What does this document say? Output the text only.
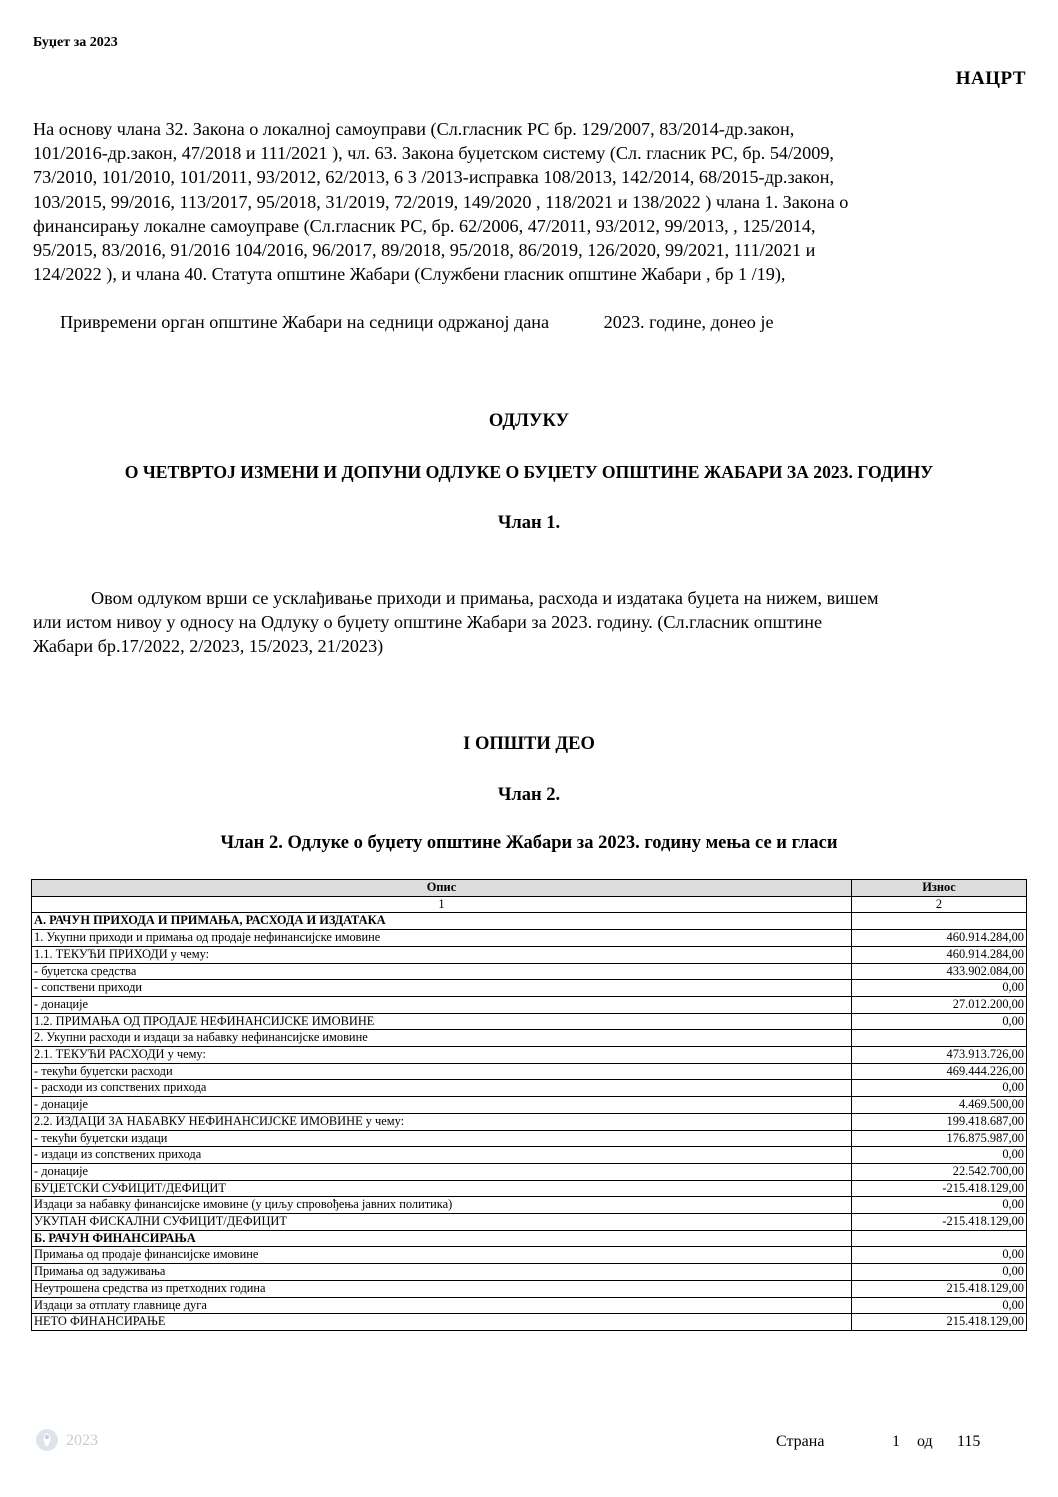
Буџет за 2023
НАЦРТ
На основу члана 32. Закона о локалној самоуправи (Сл.гласник РС бр. 129/2007, 83/2014-др.закон,
101/2016-др.закон, 47/2018 и 111/2021 ), чл. 63. Закона буџетском систему (Сл. гласник РС, бр. 54/2009,
73/2010, 101/2010, 101/2011, 93/2012, 62/2013, 6 3 /2013-исправка 108/2013, 142/2014, 68/2015-др.закон,
103/2015, 99/2016, 113/2017, 95/2018, 31/2019, 72/2019, 149/2020 , 118/2021 и 138/2022 ) члана 1. Закона о
финансирању локалне самоуправе (Сл.гласник РС, бр. 62/2006, 47/2011, 93/2012, 99/2013, , 125/2014,
95/2015, 83/2016, 91/2016 104/2016, 96/2017, 89/2018, 95/2018, 86/2019, 126/2020, 99/2021, 111/2021 и
124/2022 ), и члана 40. Статута општине Жабари (Службени гласник општине Жабари , бр 1 /19),
Привремени орган општине Жабари на седници одржаној дана            2023. године, донео је
ОДЛУКУ
О ЧЕТВРТОЈ ИЗМЕНИ И ДОПУНИ ОДЛУКЕ О БУЏЕТУ ОПШТИНЕ ЖАБАРИ ЗА 2023. ГОДИНУ
Члан 1.
Овом одлуком врши се усклађивање приходи и примања, расхода и издатака буџета на нижем, вишем
или истом нивоу у односу на Одлуку о буџету општине Жабари за 2023. годину. (Сл.гласник општине
Жабари бр.17/2022, 2/2023, 15/2023, 21/2023)
I ОПШТИ ДЕО
Члан 2.
Члан 2. Одлуке о буџету општине Жабари за 2023. годину мења се и гласи
Опис	Износ
1	2
А. РАЧУН ПРИХОДА И ПРИМАЊА, РАСХОДА И ИЗДАТАКА	
1. Укупни приходи и примања од продаје нефинансијске имовине	460.914.284,00
1.1. ТЕКУЋИ ПРИХОДИ у чему:	460.914.284,00
- буџетска средства	433.902.084,00
- сопствени приходи	0,00
- донације	27.012.200,00
1.2. ПРИМАЊА ОД ПРОДАЈЕ НЕФИНАНСИЈСКЕ ИМОВИНЕ	0,00
2. Укупни расходи и издаци за набавку нефинансијске имовине	
2.1. ТЕКУЋИ РАСХОДИ у чему:	473.913.726,00
- текући буџетски расходи	469.444.226,00
- расходи из сопствених прихода	0,00
- донације	4.469.500,00
2.2. ИЗДАЦИ ЗА НАБАВКУ НЕФИНАНСИЈСКЕ ИМОВИНЕ у чему:	199.418.687,00
- текући буџетски издаци	176.875.987,00
- издаци из сопствених прихода	0,00
- донације	22.542.700,00
БУЏЕТСКИ СУФИЦИТ/ДЕФИЦИТ	-215.418.129,00
Издаци за набавку финансијске имовине (у циљу спровођења јавних политика)	0,00
УКУПАН ФИСКАЛНИ СУФИЦИТ/ДЕФИЦИТ	-215.418.129,00
Б. РАЧУН ФИНАНСИРАЊА	
Примања од продаје финансијске имовине	0,00
Примања од задуживања	0,00
Неутрошена средства из претходних година	215.418.129,00
Издаци за отплату главнице дуга	0,00
НЕТО ФИНАНСИРАЊЕ	215.418.129,00
2023	Страна	1 од 115
